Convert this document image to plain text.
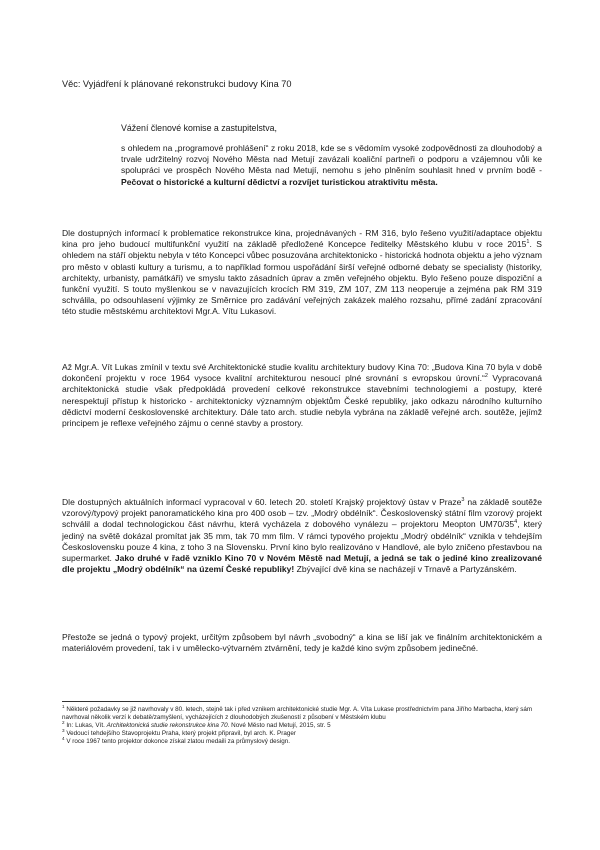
Věc: Vyjádření k plánované rekonstrukci budovy Kina 70
Vážení členové komise a zastupitelstva,

s ohledem na „programové prohlášení“ z roku 2018, kde se s vědomím vysoké zodpovědnosti za dlouhodobý a trvale udržitelný rozvoj Nového Města nad Metují zavázali koaliční partneři o podporu a vzájemnou vůli ke spolupráci ve prospěch Nového Města nad Metují, nemohu s jeho plněním souhlasit hned v prvním bodě - Pečovat o historické a kulturní dědictví a rozvíjet turistickou atraktivitu města.

Dle dostupných informací k problematice rekonstrukce kina, projednávaných - RM 316, bylo řešeno využití/adaptace objektu kina pro jeho budoucí multifunkční využití na základě předložené Koncepce ředitelky Městského klubu v roce 2015$^1$. S ohledem na stáří objektu nebyla v této Koncepci vůbec posuzována architektonicko - historická hodnota objektu a jeho význam pro město v oblasti kultury a turismu, a to například formou uspořádání širší veřejné odborné debaty se specialisty (historiky, architekty, urbanisty, památkáři) ve smyslu takto zásadních úprav a změn veřejného objektu. Bylo řešeno pouze dispoziční a funkční využití. S touto myšlenkou se v navazujících krocích RM 319, ZM 107, ZM 113 neoperuje a zejména pak RM 319 schválila, po odsouhlasení výjimky ze Směrnice pro zadávání veřejných zakázek malého rozsahu, přímé zadání zpracování této studie městskému architektovi Mgr.A. Vítu Lukasovi.

Až Mgr.A. Vít Lukas zmínil v textu své Architektonické studie kvalitu architektury budovy Kina 70: „Budova Kina 70 byla v době dokončení projektu v roce 1964 vysoce kvalitní architekturou nesoucí plné srovnání s evropskou úrovní.“$^2$ Vypracovaná architektonická studie však předpokládá provedení celkové rekonstrukce stavebními technologiemi a postupy, které nerespektují přístup k historicko - architektonicky významným objektům České republiky, jako odkazu národního kulturního dědictví moderní československé architektury. Dále tato arch. studie nebyla vybrána na základě veřejné arch. soutěže, jejímž principem je reflexe veřejného zájmu o cenné stavby a prostory.

Dle dostupných aktuálních informací vypracoval v 60. letech 20. století Krajský projektový ústav v Praze$^3$ na základě soutěže vzorový/typový projekt panoramatického kina pro 400 osob – tzv. „Modrý obdélník“. Československý státní film vzorový projekt schválil a dodal technologickou část návrhu, která vycházela z dobového vynálezu – projektoru Meopton $UM70/35^4$, který jediný na světě dokázal promítat jak 35 mm, tak 70 mm film. V rámci typového projektu „Modrý obdélník“ vznikla v tehdejším Československu pouze 4 kina, z toho 3 na Slovensku. První kino bylo realizováno v Handlové, ale bylo zničeno přestavbou na supermarket. Jako druhé v řadě vzniklo Kino 70 v Novém Městě nad Metují, a jedná se tak o jediné kino zrealizované dle projektu „Modrý obdélník“ na území České republiky! Zbývající dvě kina se nacházejí v Trnavě a Partyzánském.

Přestože se jedná o typový projekt, určitým způsobem byl návrh „svobodný“ a kina se liší jak ve finálním architektonickém a materiálovém provedení, tak i v umělecko-výtvarném ztvárnění, tedy je každé kino svým způsobem jedinečné.

$^1$ Některé požadavky se již navrhovaly v 80. letech, stejně tak i před vznikem architektonické studie Mgr. A. Víta Lukase prostřednictvím pana Jiřího Marbacha, který sám navrhoval několik verzí k debatě/zamyšlení, vycházejících z dlouhodobých zkušeností z působení v Městském klubu

$^2$ In: Lukas, Vít. Architektonická studie rekonstrukce kina 70. Nové Město nad Metují, 2015, str. 5

$^3$ Vedoucí tehdejšího Stavoprojektu Praha, který projekt připravil, byl arch. K. Prager

$^4$ V roce 1967 tento projektor dokonce získal zlatou medaili za průmyslový design.
